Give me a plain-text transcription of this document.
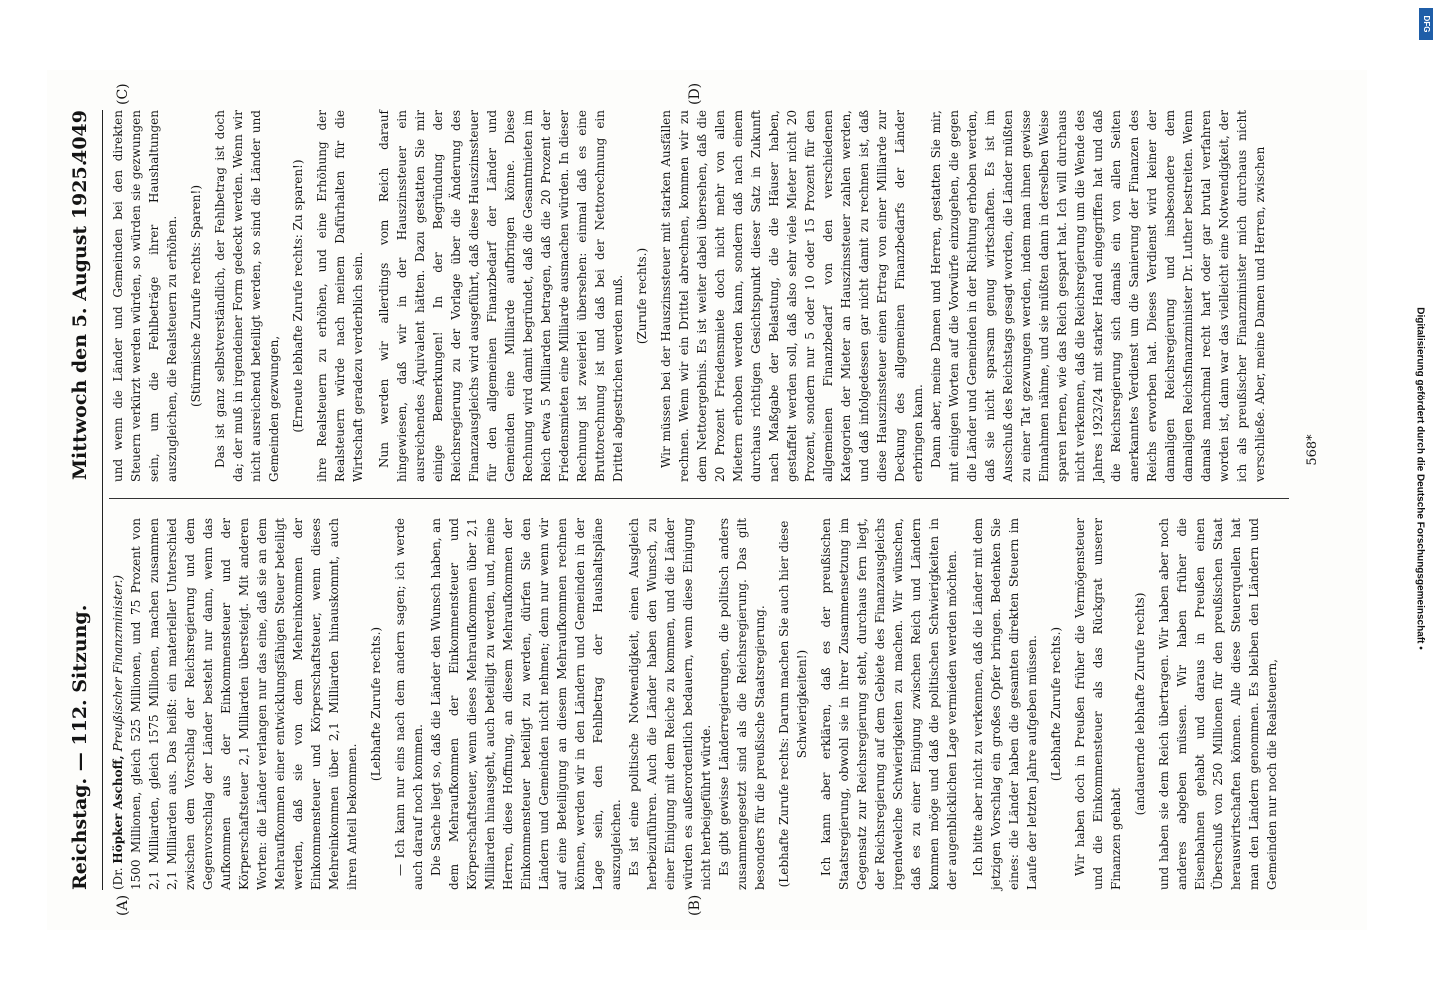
Reichstag. — 112. Sitzung.
Mittwoch den 5. August 1925.
4049
(A)	(B)
(C)	(D)

(Dr. Höpker Aschoff, Preußischer Finanzminister.) 1500 Millionen, gleich 525 Millionen, und 75 Prozent von 2,1 Milliarden, gleich 1575 Millionen, machen zusammen 2,1 Milliarden aus. Das heißt: ein materieller Unterschied zwischen dem Vorschlag der Reichsregierung und dem Gegenvorschlag der Länder besteht nur dann, wenn das Aufkommen aus der Einkommensteuer und der Körperschaftsteuer 2,1 Milliarden übersteigt. Mit anderen Worten: die Länder verlangen nur das eine, daß sie an dem Mehraufkommen einer entwicklungsfähigen Steuer beteiligt werden, daß sie von dem Mehreinkommen der Einkommensteuer und Körperschaftsteuer, wenn dieses Mehreinkommen über 2,1 Milliarden hinauskommt, auch ihren Anteil bekommen.

(Lebhafte Zurufe rechts.) — Ich kann nur eins nach dem andern sagen; ich werde auch darauf noch kommen. Die Sache liegt so, daß die Länder den Wunsch haben, an dem Mehraufkommen der Einkommensteuer und Körperschaftsteuer, wenn dieses Mehraufkommen über 2,1 Milliarden hinausgeht, auch beteiligt zu werden, und, meine Herren, diese Hoffnung, an diesem Mehraufkommen der Einkommensteuer beteiligt zu werden, dürfen Sie den Ländern und Gemeinden nicht nehmen; denn nur wenn wir auf eine Beteiligung an diesem Mehraufkommen rechnen können, werden wir in den Ländern und Gemeinden in der Lage sein, den Fehlbetrag der Haushaltspläne auszugleichen. Es ist eine politische Notwendigkeit, einen Ausgleich herbeizuführen. Auch die Länder haben den Wunsch, zu einer Einigung mit dem Reiche zu kommen, und die Länder würden es außerordentlich bedauern, wenn diese Einigung nicht herbeigeführt würde. Es gibt gewisse Länderregierungen, die politisch anders zusammengesetzt sind als die Reichsregierung. Das gilt besonders für die preußische Staatsregierung. (Lebhafte Zurufe rechts: Darum machen Sie auch hier diese Schwierigkeiten!) Ich kann aber erklären, daß es der preußischen Staatsregierung, obwohl sie in ihrer Zusammensetzung im Gegensatz zur Reichsregierung steht, durchaus fern liegt, der Reichsregierung auf dem Gebiete des Finanzausgleichs irgendwelche Schwierigkeiten zu machen. Wir wünschen, daß es zu einer Einigung zwischen Reich und Ländern kommen möge und daß die politischen Schwierigkeiten in der augenblicklichen Lage vermieden werden möchten. Ich bitte aber nicht zu verkennen, daß die Länder mit dem jetzigen Vorschlag ein großes Opfer bringen. Bedenken Sie eines: die Länder haben die gesamten direkten Steuern im Laufe der letzten Jahre aufgeben müssen. (Lebhafte Zurufe rechts.) Wir haben doch in Preußen früher die Vermögensteuer und die Einkommensteuer als das Rückgrat unserer Finanzen gehabt

(andauernde lebhafte Zurufe rechts) und haben sie dem Reich übertragen. Wir haben aber noch anderes abgeben müssen. Wir haben früher die Eisenbahnen gehabt und daraus in Preußen einen Überschuß von 250 Millionen für den preußischen Staat herauswirtschaften können. Alle diese Steuerquellen hat man den Ländern genommen. Es bleiben den Ländern und Gemeinden nur noch die Realsteuern,

und wenn die Länder und Gemeinden bei den direkten Steuern verkürzt werden würden, so würden sie gezwungen sein, um die Fehlbeträge ihrer Haushaltungen auszugleichen, die Realsteuern zu erhöhen. (Stürmische Zurufe rechts: Sparen!) Das ist ganz selbstverständlich, der Fehlbetrag ist doch da; der muß in irgendeiner Form gedeckt werden. Wenn wir nicht ausreichend beteiligt werden, so sind die Länder und Gemeinden gezwungen, (Erneute lebhafte Zurufe rechts: Zu sparen!) ihre Realsteuern zu erhöhen, und eine Erhöhung der Realsteuern würde nach meinem Dafürhalten für die Wirtschaft geradezu verderblich sein. Nun werden wir allerdings vom Reich darauf hingewiesen, daß wir in der Hauszinssteuer ein ausreichendes Äquivalent hätten. Dazu gestatten Sie mir einige Bemerkungen! In der Begründung der Reichsregierung zu der Vorlage über die Änderung des Finanzausgleichs wird ausgeführt, daß diese Hauszinssteuer für den allgemeinen Finanzbedarf der Länder und Gemeinden eine Milliarde aufbringen könne. Diese Rechnung wird damit begründet, daß die Gesamtmieten im Reich etwa 5 Milliarden betragen, daß die 20 Prozent der Friedensmieten eine Milliarde ausmachen würden. In dieser Rechnung ist zweierlei übersehen: einmal daß es eine Bruttorechnung ist und daß bei der Nettorechnung ein Drittel abgestrichen werden muß. (Zurufe rechts.) Wir müssen bei der Hauszinssteuer mit starken Ausfällen rechnen. Wenn wir ein Drittel abrechnen, kommen wir zu dem Nettoergebnis. Es ist weiter dabei übersehen, daß die 20 Prozent Friedensmiete doch nicht mehr von allen Mietern erhoben werden kann, sondern daß nach einem durchaus richtigen Gesichtspunkt dieser Satz in Zukunft nach Maßgabe der Belastung, die die Häuser haben, gestaffelt werden soll, daß also sehr viele Mieter nicht 20 Prozent, sondern nur 5 oder 10 oder 15 Prozent für den allgemeinen Finanzbedarf von den verschiedenen Kategorien der Mieter an Hauszinssteuer zahlen werden, und daß infolgedessen gar nicht damit zu rechnen ist, daß diese Hauszinssteuer einen Ertrag von einer Milliarde zur Deckung des allgemeinen Finanzbedarfs der Länder erbringen kann. Dann aber, meine Damen und Herren, gestatten Sie mir, mit einigen Worten auf die Vorwürfe einzugehen, die gegen die Länder und Gemeinden in der Richtung erhoben werden, daß sie nicht sparsam genug wirtschaften. Es ist im Ausschuß des Reichstags gesagt worden, die Länder müßten zu einer Tat gezwungen werden, indem man ihnen gewisse Einnahmen nähme, und sie müßten dann in derselben Weise sparen lernen, wie das Reich gespart hat. Ich will durchaus nicht verkennen, daß die Reichsregierung um die Wende des Jahres 1923/24 mit starker Hand eingegriffen hat und daß die Reichsregierung sich damals ein von allen Seiten anerkanntes Verdienst um die Sanierung der Finanzen des Reichs erworben hat. Dieses Verdienst wird keiner der damaligen Reichsregierung und insbesondere dem damaligen Reichsfinanzminister Dr. Luther bestreiten. Wenn damals manchmal recht hart oder gar brutal verfahren worden ist, dann war das vielleicht eine Notwendigkeit, der ich als preußischer Finanzminister mich durchaus nicht verschließe. Aber, meine Damen und Herren, zwischen	568*	Digitalisierung gefördert durch die Deutsche Forschungsgemeinschaft •
DFG
